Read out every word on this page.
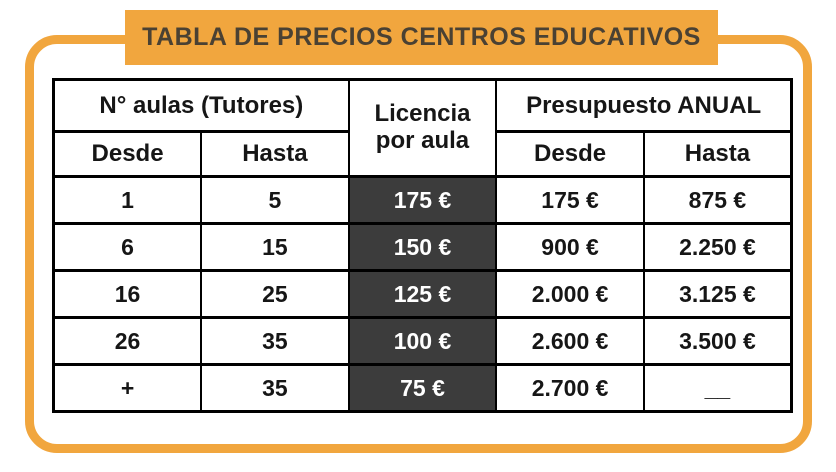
TABLA DE PRECIOS CENTROS EDUCATIVOS
N° aulas (Tutores)		Licencia por aula	Presupuesto ANUAL	
Desde	Hasta		Desde	Hasta
1	5	175 €	175 €	875 €
6	15	150 €	900 €	2.250 €
16	25	125 €	2.000 €	3.125 €
26	35	100 €	2.600 €	3.500 €
+	35	75 €	2.700 €	__
